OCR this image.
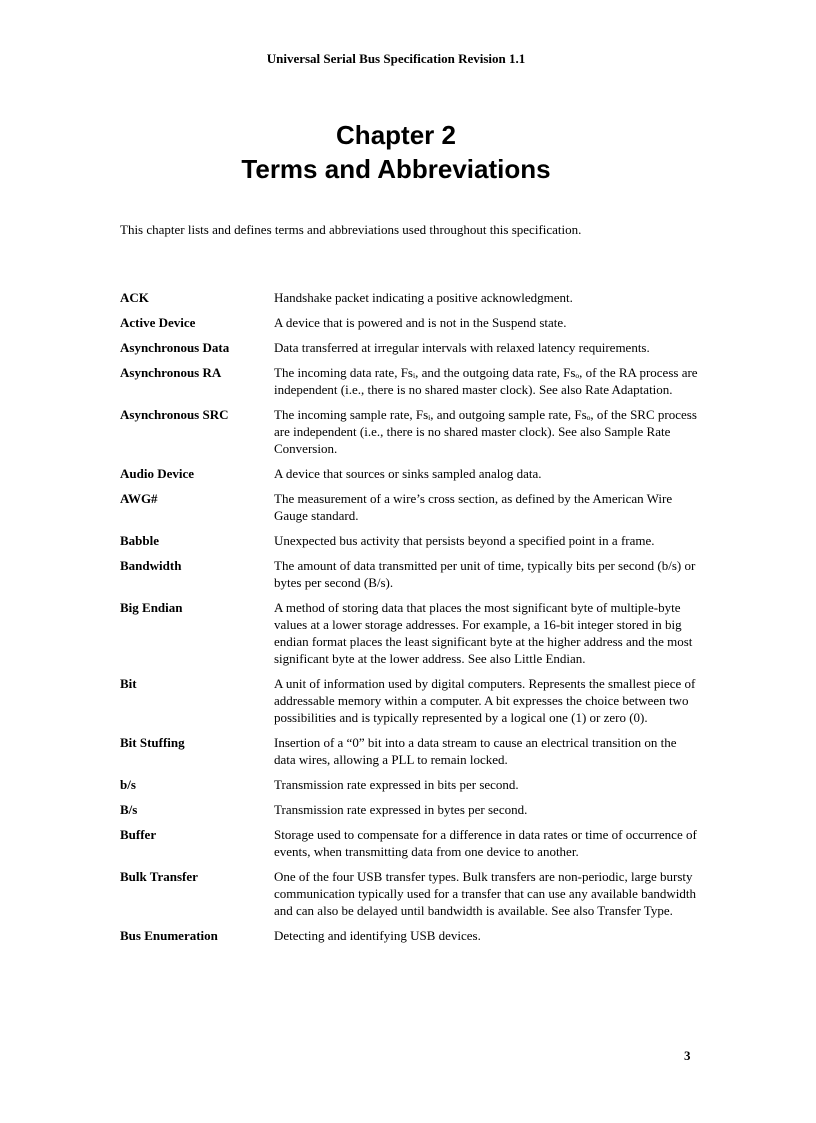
Universal Serial Bus Specification Revision 1.1
Chapter 2
Terms and Abbreviations
This chapter lists and defines terms and abbreviations used throughout this specification.
ACK	Handshake packet indicating a positive acknowledgment.
Active Device	A device that is powered and is not in the Suspend state.
Asynchronous Data	Data transferred at irregular intervals with relaxed latency requirements.
Asynchronous RA	The incoming data rate, Fsᵢ, and the outgoing data rate, Fsₒ, of the RA process are independent (i.e., there is no shared master clock). See also Rate Adaptation.
Asynchronous SRC	The incoming sample rate, Fsᵢ, and outgoing sample rate, Fsₒ, of the SRC process are independent (i.e., there is no shared master clock). See also Sample Rate Conversion.
Audio Device	A device that sources or sinks sampled analog data.
AWG#	The measurement of a wire’s cross section, as defined by the American Wire Gauge standard.
Babble	Unexpected bus activity that persists beyond a specified point in a frame.
Bandwidth	The amount of data transmitted per unit of time, typically bits per second (b/s) or bytes per second (B/s).
Big Endian	A method of storing data that places the most significant byte of multiple-byte values at a lower storage addresses. For example, a 16-bit integer stored in big endian format places the least significant byte at the higher address and the most significant byte at the lower address. See also Little Endian.
Bit	A unit of information used by digital computers. Represents the smallest piece of addressable memory within a computer. A bit expresses the choice between two possibilities and is typically represented by a logical one (1) or zero (0).
Bit Stuffing	Insertion of a “0” bit into a data stream to cause an electrical transition on the data wires, allowing a PLL to remain locked.
b/s	Transmission rate expressed in bits per second.
B/s	Transmission rate expressed in bytes per second.
Buffer	Storage used to compensate for a difference in data rates or time of occurrence of events, when transmitting data from one device to another.
Bulk Transfer	One of the four USB transfer types. Bulk transfers are non-periodic, large bursty communication typically used for a transfer that can use any available bandwidth and can also be delayed until bandwidth is available. See also Transfer Type.
Bus Enumeration	Detecting and identifying USB devices.
3
